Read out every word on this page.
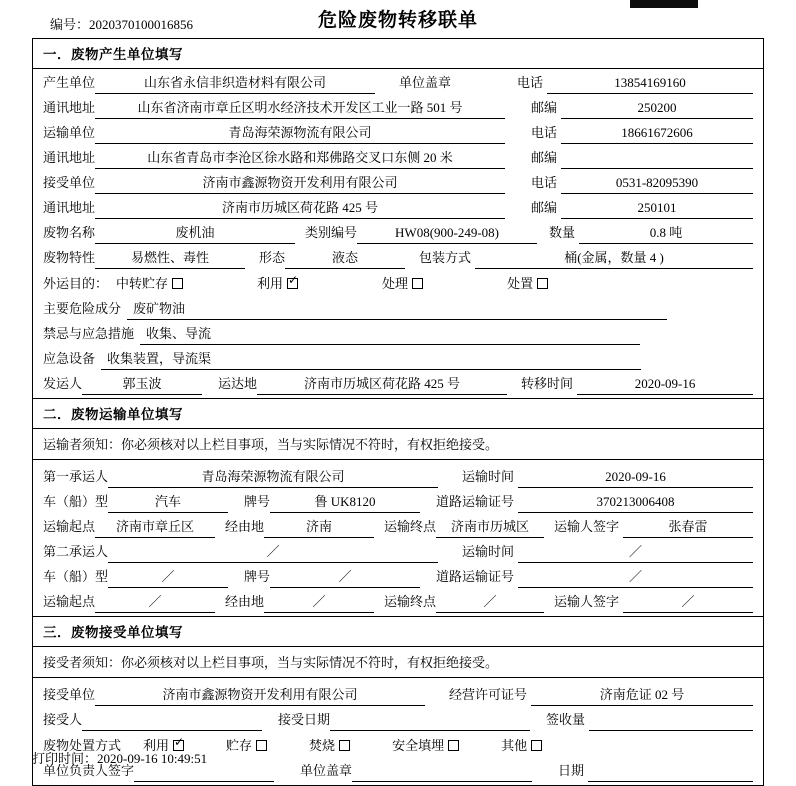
编号：2020370100016856	危险废物转移联单
一．废物产生单位填写
产生单位	山东省永信非织造材料有限公司	单位盖章	电话	13854169160
通讯地址	山东省济南市章丘区明水经济技术开发区工业一路 501 号	邮编	250200
运输单位	青岛海荣源物流有限公司	电话	18661672606
通讯地址	山东省青岛市李沧区徐水路和郑佛路交叉口东侧 20 米	邮编
接受单位	济南市鑫源物资开发利用有限公司	电话	0531-82095390
通讯地址	济南市历城区荷花路 425 号	邮编	250101
废物名称	废机油	类别编号	HW08(900-249-08)	数量	0.8 吨
废物特性	易燃性、毒性	形态	液态	包装方式	桶(金属，数量 4 )
外运目的： 中转贮存	利用 ✓	处理	处置
主要危险成分 废矿物油
禁忌与应急措施 收集、导流
应急设备 收集装置，导流渠
发运人	郭玉波	运达地	济南市历城区荷花路 425 号	转移时间	2020-09-16
二．废物运输单位填写
运输者须知：你必须核对以上栏目事项，当与实际情况不符时，有权拒绝接受。
第一承运人	青岛海荣源物流有限公司	运输时间	2020-09-16
车（船）型	汽车	牌号	鲁 UK8120	道路运输证号	370213006408
运输起点	济南市章丘区	经由地	济南	运输终点	济南市历城区	运输人签字	张春雷
第二承运人	／	运输时间	／
车（船）型	／	牌号	／	道路运输证号	／
运输起点	／	经由地	／	运输终点	／	运输人签字	／
三．废物接受单位填写
接受者须知：你必须核对以上栏目事项，当与实际情况不符时，有权拒绝接受。
接受单位	济南市鑫源物资开发利用有限公司	经营许可证号	济南危证 02 号
接受人	接受日期	签收量
废物处置方式 利用 ✓	贮存	焚烧	安全填埋	其他
单位负责人签字	单位盖章	日期
打印时间：2020-09-16 10:49:51
